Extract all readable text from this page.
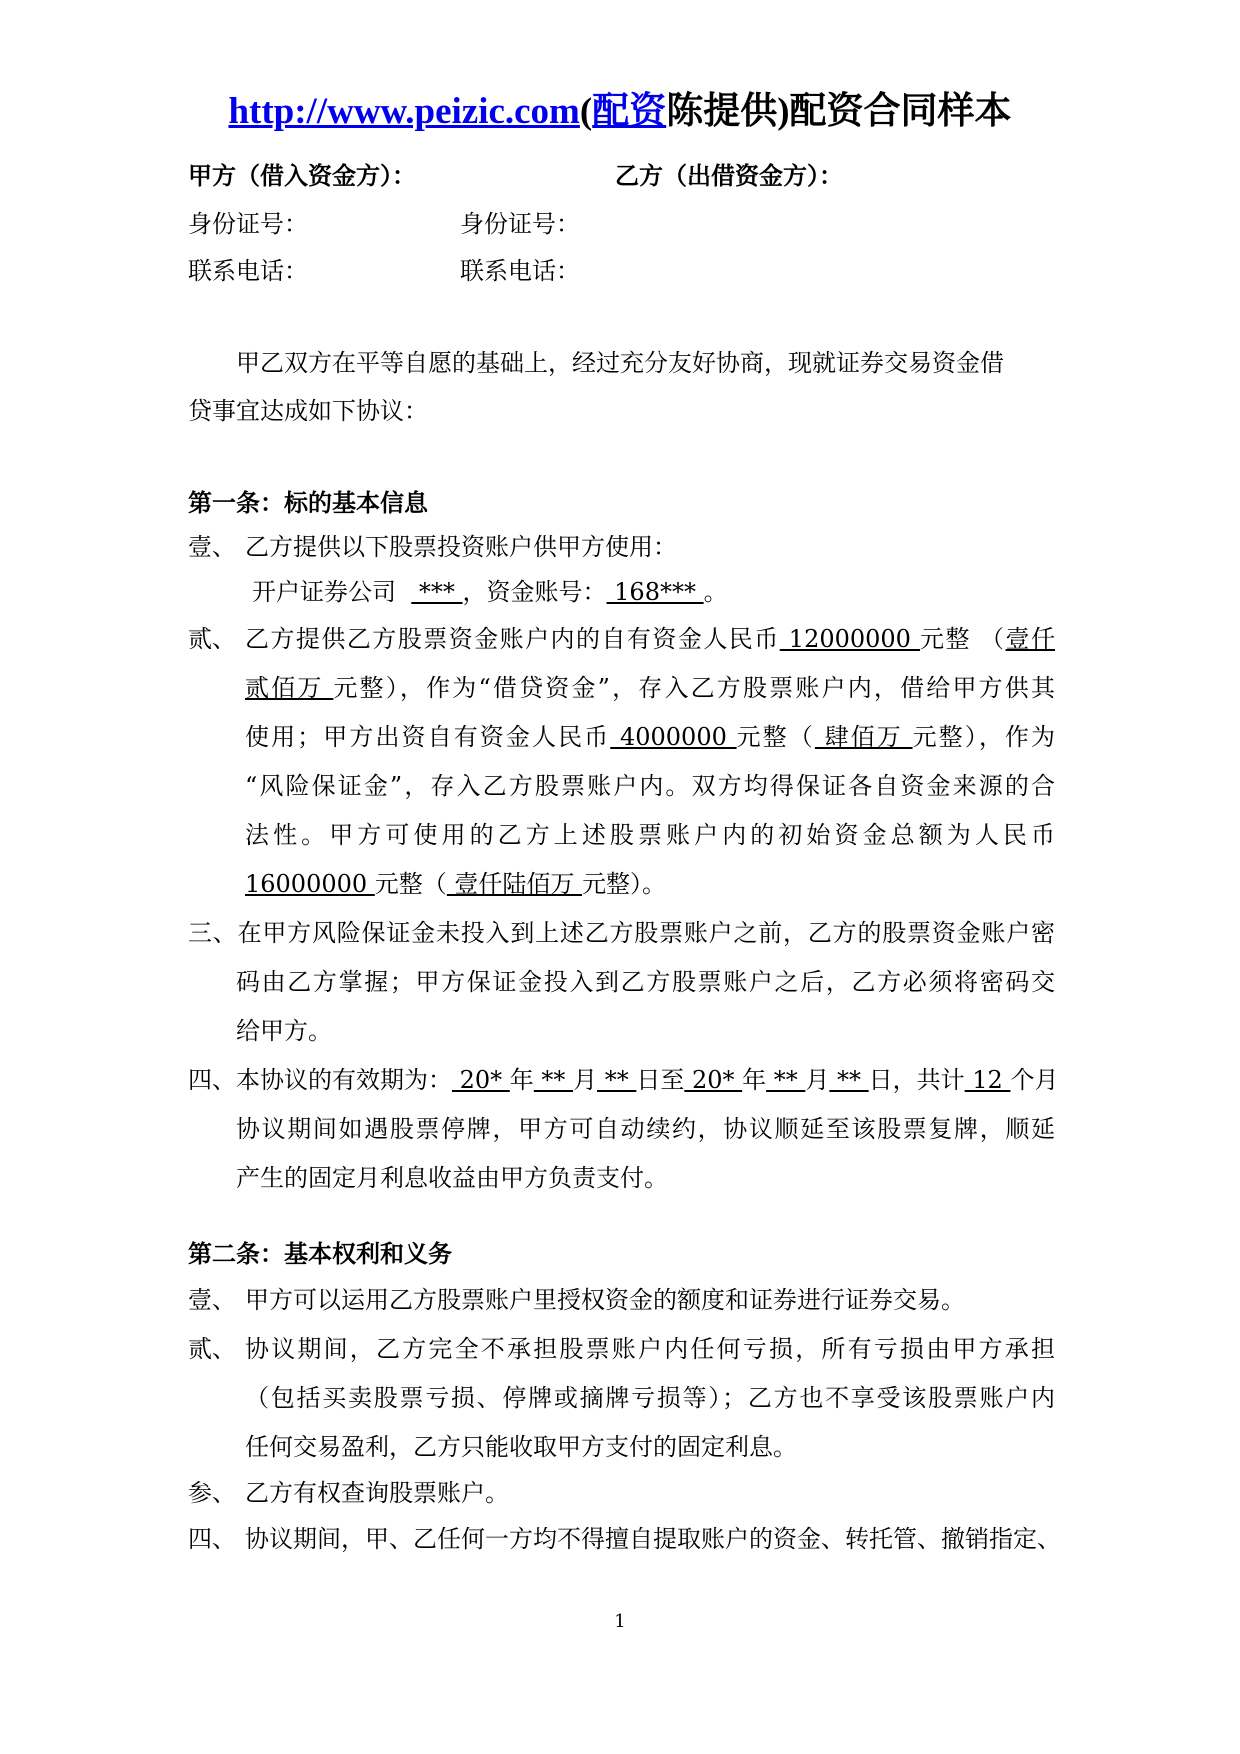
http://www.peizic.com(配资陈提供)配资合同样本
甲方（借入资金方）：	乙方（出借资金方）：
身份证号：	身份证号：
联系电话：	联系电话：
甲乙双方在平等自愿的基础上，经过充分友好协商，现就证券交易资金借
贷事宜达成如下协议：
第一条：标的基本信息
壹、 乙方提供以下股票投资账户供甲方使用：
开户证券公司   *** ，资金账号： 168*** 。
贰、 乙方提供乙方股票资金账户内的自有资金人民币 12000000 元整 （壹仟
贰佰万 元整），作为“借贷资金”，存入乙方股票账户内，借给甲方供其
使用；甲方出资自有资金人民币 4000000 元整（ 肆佰万 元整），作为
“风险保证金”，存入乙方股票账户内。双方均得保证各自资金来源的合
法性。甲方可使用的乙方上述股票账户内的初始资金总额为人民币
16000000 元整（ 壹仟陆佰万 元整）。
三、在甲方风险保证金未投入到上述乙方股票账户之前，乙方的股票资金账户密
码由乙方掌握；甲方保证金投入到乙方股票账户之后，乙方必须将密码交
给甲方。
四、本协议的有效期为： 20* 年 ** 月 ** 日至 20* 年 ** 月 ** 日，共计 12 个月
协议期间如遇股票停牌，甲方可自动续约，协议顺延至该股票复牌，顺延
产生的固定月利息收益由甲方负责支付。
第二条：基本权利和义务
壹、 甲方可以运用乙方股票账户里授权资金的额度和证券进行证券交易。
贰、 协议期间，乙方完全不承担股票账户内任何亏损，所有亏损由甲方承担
（包括买卖股票亏损、停牌或摘牌亏损等）；乙方也不享受该股票账户内
任何交易盈利，乙方只能收取甲方支付的固定利息。
参、 乙方有权查询股票账户。
四、 协议期间，甲、乙任何一方均不得擅自提取账户的资金、转托管、撤销指定、
1
